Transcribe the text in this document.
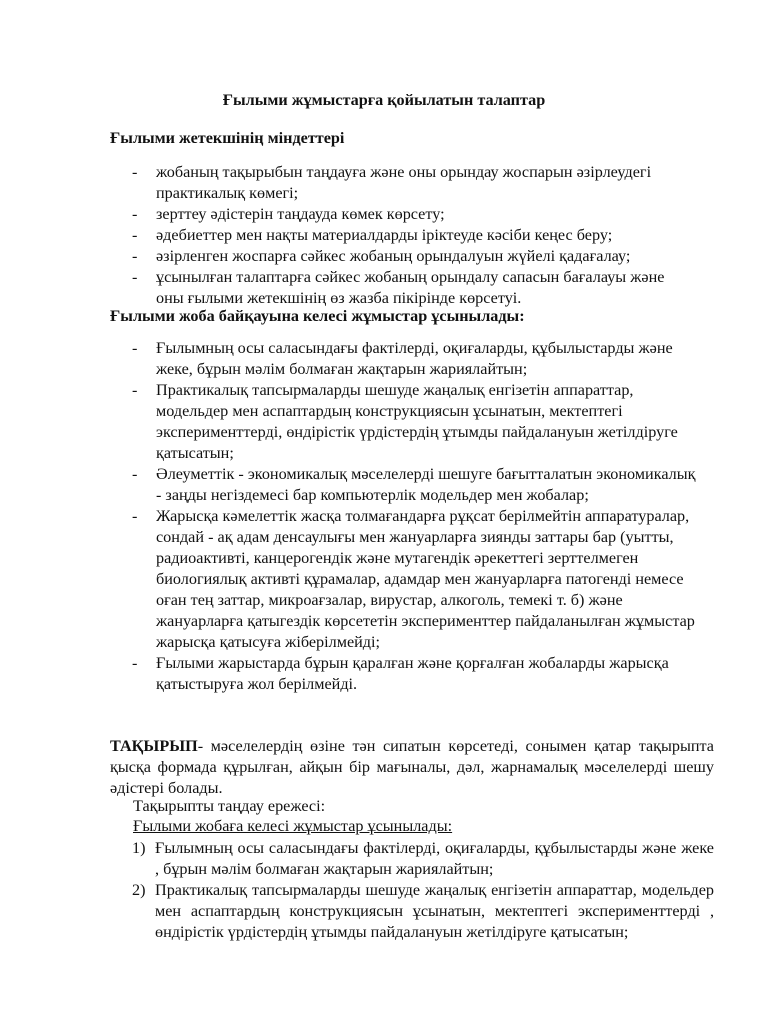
Ғылыми жұмыстарға қойылатын талаптар
Ғылыми жетекшінің міндеттері
- жобаның тақырыбын таңдауға және оны орындау жоспарын әзірлеудегі практикалық көмегі;
- зерттеу әдістерін таңдауда көмек көрсету;
- әдебиеттер мен нақты материалдарды іріктеуде кәсіби кеңес беру;
- әзірленген жоспарға сәйкес жобаның орындалуын жүйелі қадағалау;
- ұсынылған талаптарға сәйкес жобаның орындалу сапасын бағалауы және оны ғылыми жетекшінің өз жазба пікірінде көрсетуі.
Ғылыми жоба байқауына келесі жұмыстар ұсынылады:
- Ғылымның осы саласындағы фактілерді, оқиғаларды, құбылыстарды және жеке, бұрын мәлім болмаған жақтарын жариялайтын;
- Практикалық тапсырмаларды шешуде жаңалық енгізетін аппараттар, модельдер мен аспаптардың конструкциясын ұсынатын, мектептегі эксперименттерді, өндірістік үрдістердің ұтымды пайдалануын жетілдіруге қатысатын;
- Әлеуметтік - экономикалық мәселелерді шешуге бағытталатын экономикалық - заңды негіздемесі бар компьютерлік модельдер мен жобалар;
- Жарысқа кәмелеттік жасқа толмағандарға рұқсат берілмейтін аппаратуралар, сондай - ақ адам денсаулығы мен жануарларға зиянды заттары бар (уытты, радиоактивті, канцерогендік және мутагендік әрекеттегі зерттелмеген биологиялық активті құрамалар, адамдар мен жануарларға патогенді немесе оған тең заттар, микроағзалар, вирустар, алкоголь, темекі т. б) және жануарларға қатыгездік көрсететін эксперименттер пайдаланылған жұмыстар жарысқа қатысуға жіберілмейді;
- Ғылыми жарыстарда бұрын қаралған және қорғалған жобаларды жарысқа қатыстыруға жол берілмейді.
ТАҚЫРЫП- мәселелердің өзіне тән сипатын көрсетеді, сонымен қатар тақырыпта қысқа формада құрылған, айқын бір мағыналы, дәл, жарнамалық мәселелерді шешу әдістері болады.
Тақырыпты таңдау ережесі:
Ғылыми жобаға келесі жұмыстар ұсынылады:
1) Ғылымның осы саласындағы фактілерді, оқиғаларды, құбылыстарды және жеке , бұрын мәлім болмаған жақтарын жариялайтын;
2) Практикалық тапсырмаларды шешуде жаңалық енгізетін аппараттар, модельдер мен аспаптардың конструкциясын ұсынатын, мектептегі эксперименттерді , өндірістік үрдістердің ұтымды пайдалануын жетілдіруге қатысатын;
